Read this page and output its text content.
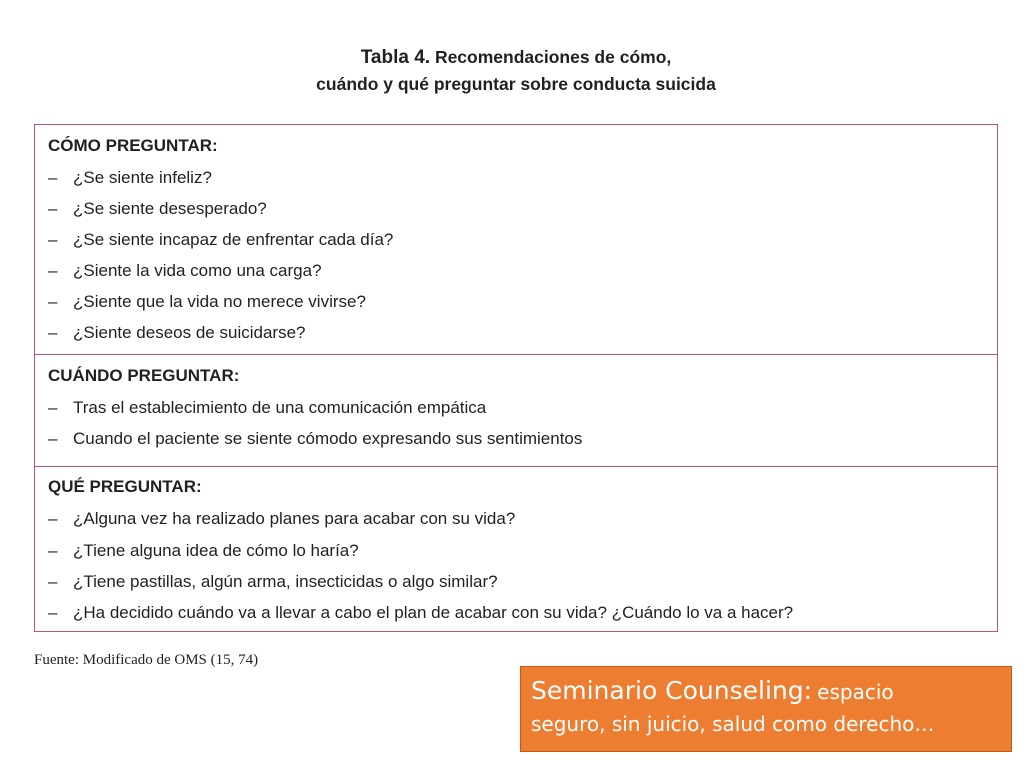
Tabla 4. Recomendaciones de cómo,
cuándo y qué preguntar sobre conducta suicida
CÓMO PREGUNTAR:
– ¿Se siente infeliz?
– ¿Se siente desesperado?
– ¿Se siente incapaz de enfrentar cada día?
– ¿Siente la vida como una carga?
– ¿Siente que la vida no merece vivirse?
– ¿Siente deseos de suicidarse?
CUÁNDO PREGUNTAR:
– Tras el establecimiento de una comunicación empática
– Cuando el paciente se siente cómodo expresando sus sentimientos
QUÉ PREGUNTAR:
– ¿Alguna vez ha realizado planes para acabar con su vida?
– ¿Tiene alguna idea de cómo lo haría?
– ¿Tiene pastillas, algún arma, insecticidas o algo similar?
– ¿Ha decidido cuándo va a llevar a cabo el plan de acabar con su vida? ¿Cuándo lo va a hacer?
Fuente: Modificado de OMS (15, 74)
Seminario Counseling: espacio
seguro, sin juicio, salud como derecho…
